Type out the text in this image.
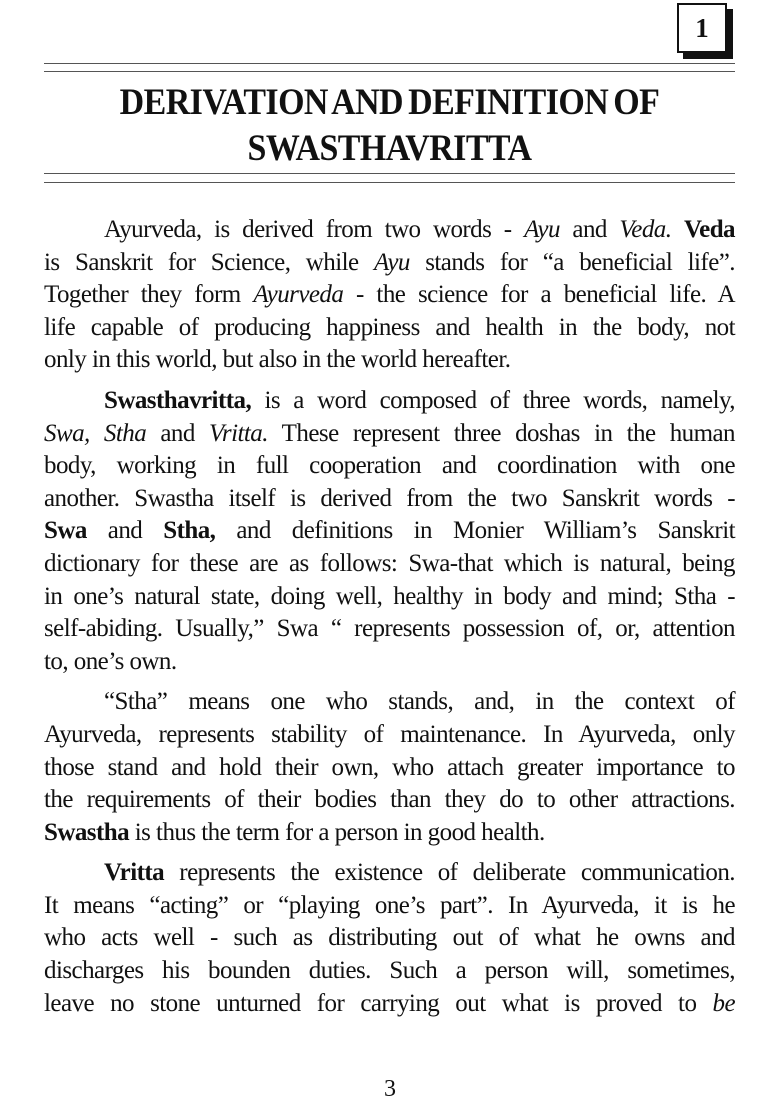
1
DERIVATION AND DEFINITION OF
SWASTHAVRITTA
Ayurveda, is derived from two words - Ayu and Veda. Veda
is Sanskrit for Science, while Ayu stands for “a beneficial life”.
Together they form Ayurveda - the science for a beneficial life. A
life capable of producing happiness and health in the body, not
only in this world, but also in the world hereafter.
Swasthavritta, is a word composed of three words, namely,
Swa, Stha and Vritta. These represent three doshas in the human
body, working in full cooperation and coordination with one
another. Swastha itself is derived from the two Sanskrit words -
Swa and Stha, and definitions in Monier William’s Sanskrit
dictionary for these are as follows: Swa-that which is natural, being
in one’s natural state, doing well, healthy in body and mind; Stha -
self-abiding. Usually,” Swa “ represents possession of, or, attention
to, one’s own.
“Stha” means one who stands, and, in the context of
Ayurveda, represents stability of maintenance. In Ayurveda, only
those stand and hold their own, who attach greater importance to
the requirements of their bodies than they do to other attractions.
Swastha is thus the term for a person in good health.
Vritta represents the existence of deliberate communication.
It means “acting” or “playing one’s part”. In Ayurveda, it is he
who acts well - such as distributing out of what he owns and
discharges his bounden duties. Such a person will, sometimes,
leave no stone unturned for carrying out what is proved to be
3
